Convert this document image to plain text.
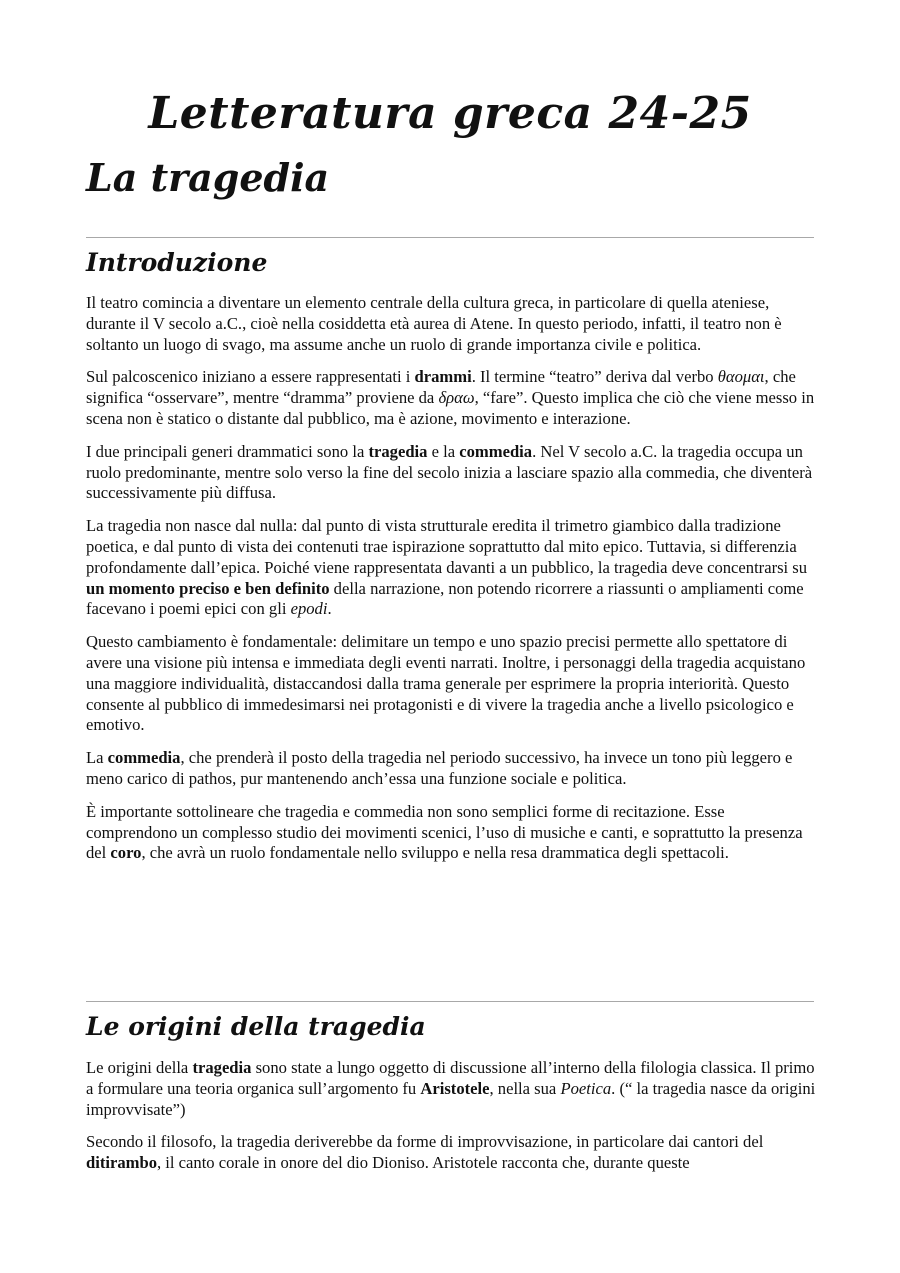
Letteratura greca 24-25
La tragedia
Introduzione

Il teatro comincia a diventare un elemento centrale della cultura greca, in particolare di quella ateniese, durante il V secolo a.C., cioè nella cosiddetta età aurea di Atene. In questo periodo, infatti, il teatro non è soltanto un luogo di svago, ma assume anche un ruolo di grande importanza civile e politica.

Sul palcoscenico iniziano a essere rappresentati i drammi. Il termine “teatro” deriva dal verbo θαομαι, che significa “osservare”, mentre “dramma” proviene da δραω, “fare”. Questo implica che ciò che viene messo in scena non è statico o distante dal pubblico, ma è azione, movimento e interazione.

I due principali generi drammatici sono la tragedia e la commedia. Nel V secolo a.C. la tragedia occupa un ruolo predominante, mentre solo verso la fine del secolo inizia a lasciare spazio alla commedia, che diventerà successivamente più diffusa.

La tragedia non nasce dal nulla: dal punto di vista strutturale eredita il trimetro giambico dalla tradizione poetica, e dal punto di vista dei contenuti trae ispirazione soprattutto dal mito epico. Tuttavia, si differenzia profondamente dall’epica. Poiché viene rappresentata davanti a un pubblico, la tragedia deve concentrarsi su un momento preciso e ben definito della narrazione, non potendo ricorrere a riassunti o ampliamenti come facevano i poemi epici con gli epodi.

Questo cambiamento è fondamentale: delimitare un tempo e uno spazio precisi permette allo spettatore di avere una visione più intensa e immediata degli eventi narrati. Inoltre, i personaggi della tragedia acquistano una maggiore individualità, distaccandosi dalla trama generale per esprimere la propria interiorità. Questo consente al pubblico di immedesimarsi nei protagonisti e di vivere la tragedia anche a livello psicologico e emotivo.

La commedia, che prenderà il posto della tragedia nel periodo successivo, ha invece un tono più leggero e meno carico di pathos, pur mantenendo anch’essa una funzione sociale e politica.

È importante sottolineare che tragedia e commedia non sono semplici forme di recitazione. Esse comprendono un complesso studio dei movimenti scenici, l’uso di musiche e canti, e soprattutto la presenza del coro, che avrà un ruolo fondamentale nello sviluppo e nella resa drammatica degli spettacoli.

Le origini della tragedia

Le origini della tragedia sono state a lungo oggetto di discussione all’interno della filologia classica. Il primo a formulare una teoria organica sull’argomento fu Aristotele, nella sua Poetica. (“ la tragedia nasce da origini improvvisate”)

Secondo il filosofo, la tragedia deriverebbe da forme di improvvisazione, in particolare dai cantori del ditirambo, il canto corale in onore del dio Dioniso. Aristotele racconta che, durante queste
